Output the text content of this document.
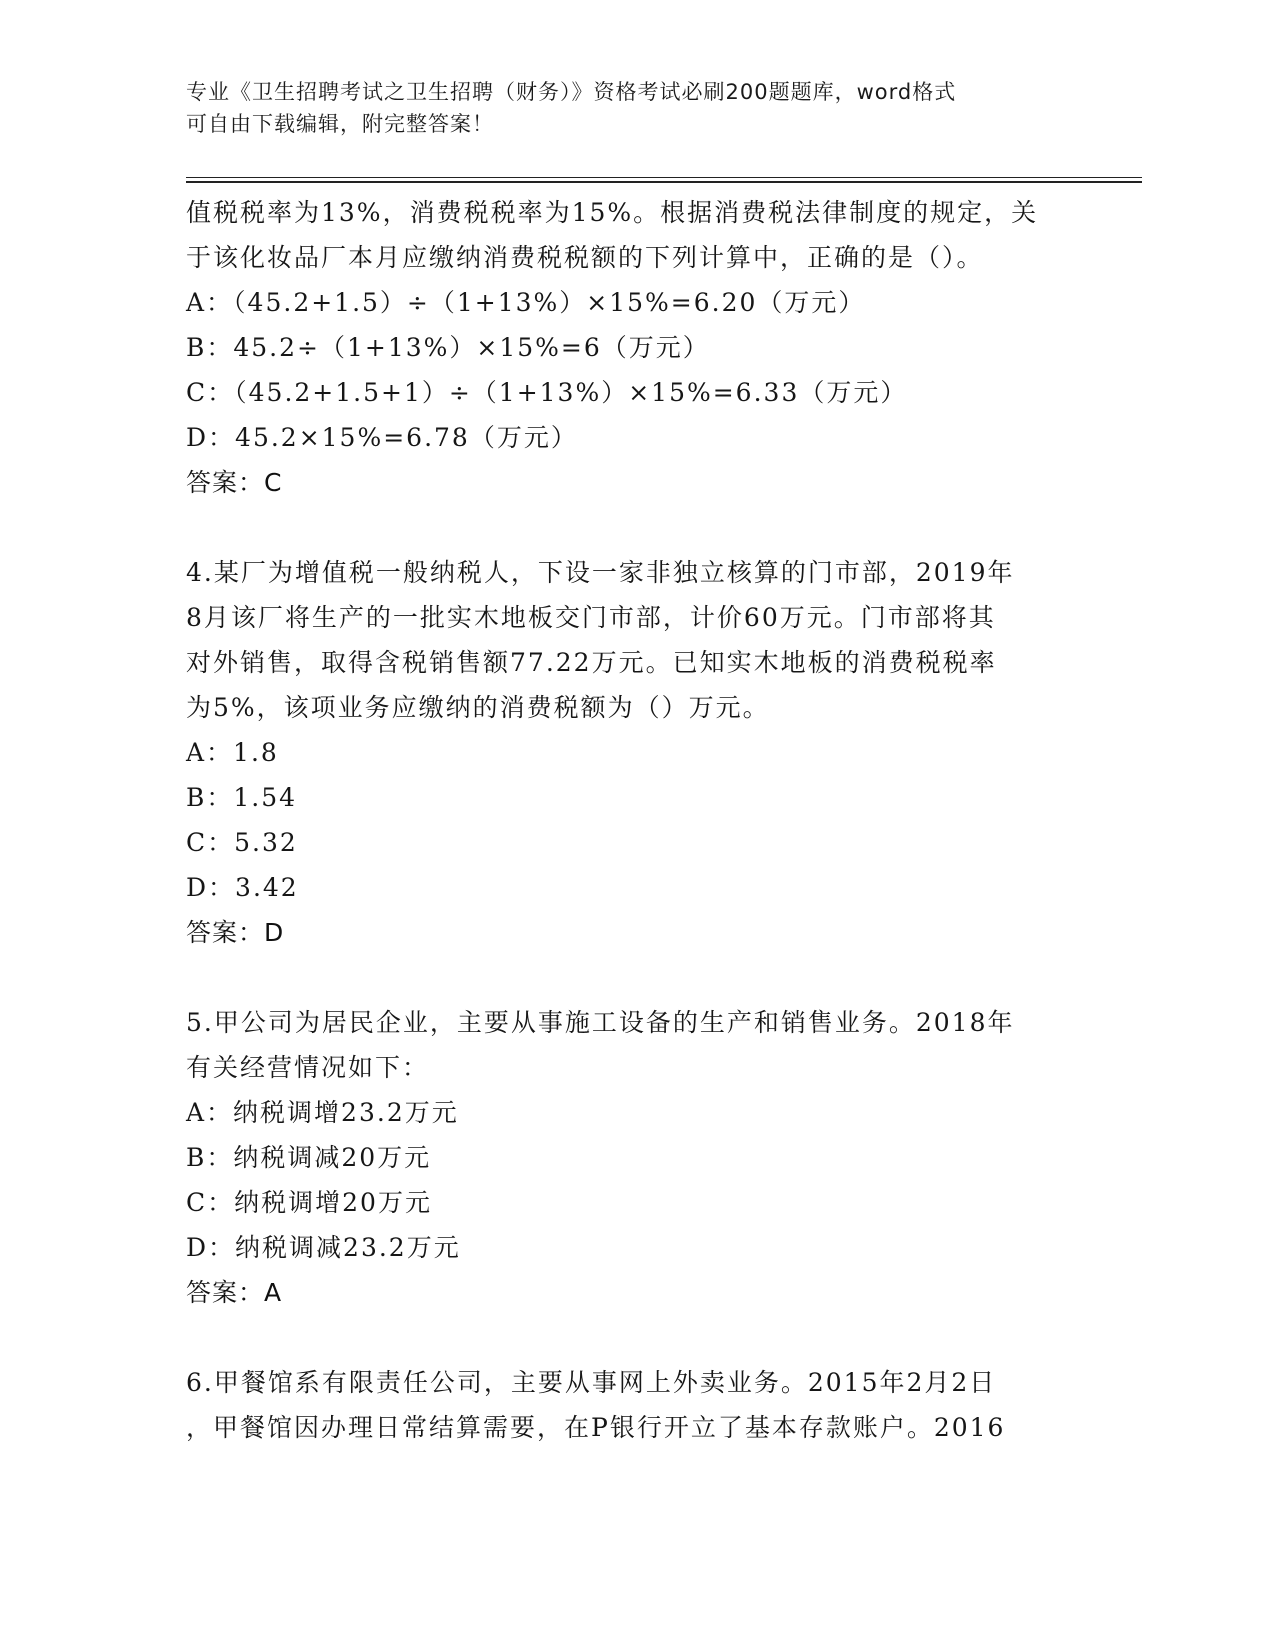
专业《卫生招聘考试之卫生招聘（财务）》资格考试必刷200题题库，word格式
可自由下载编辑，附完整答案！
值税税率为13%，消费税税率为15%。根据消费税法律制度的规定，关
于该化妆品厂本月应缴纳消费税税额的下列计算中，正确的是（）。
A：（45.2+1.5）÷（1+13%）×15%=6.20（万元）
B：45.2÷（1+13%）×15%=6（万元）
C：（45.2+1.5+1）÷（1+13%）×15%=6.33（万元）
D：45.2×15%=6.78（万元）
答案：C
4.某厂为增值税一般纳税人，下设一家非独立核算的门市部，2019年
8月该厂将生产的一批实木地板交门市部，计价60万元。门市部将其
对外销售，取得含税销售额77.22万元。已知实木地板的消费税税率
为5%，该项业务应缴纳的消费税额为（）万元。
A：1.8
B：1.54
C：5.32
D：3.42
答案：D
5.甲公司为居民企业，主要从事施工设备的生产和销售业务。2018年
有关经营情况如下：
A：纳税调增23.2万元
B：纳税调减20万元
C：纳税调增20万元
D：纳税调减23.2万元
答案：A
6.甲餐馆系有限责任公司，主要从事网上外卖业务。2015年2月2日
，甲餐馆因办理日常结算需要，在P银行开立了基本存款账户。2016
